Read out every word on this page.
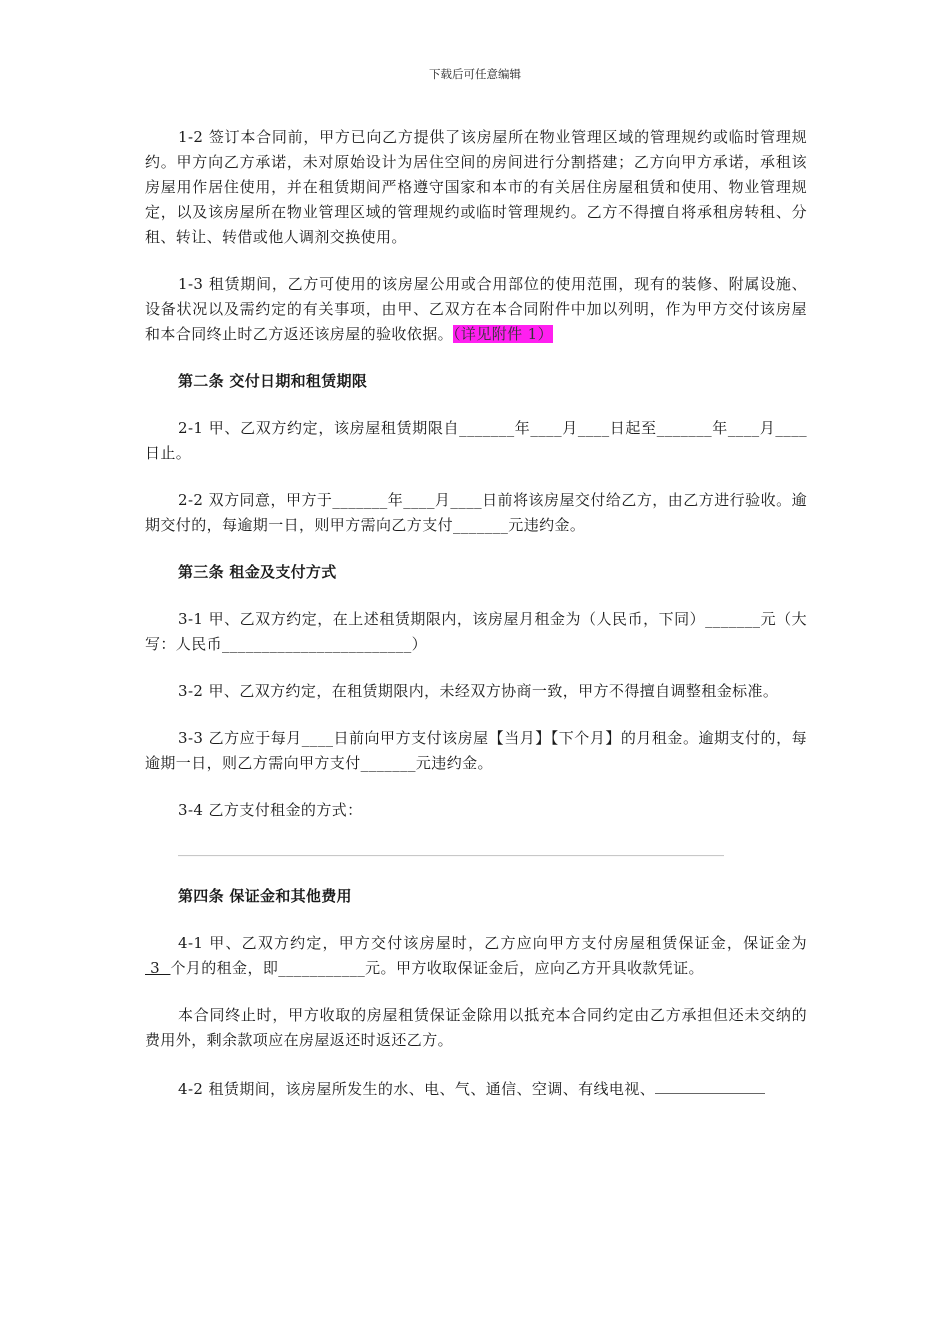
下载后可任意编辑

1-2 签订本合同前，甲方已向乙方提供了该房屋所在物业管理区域的管理规约或临时管理规约。甲方向乙方承诺，未对原始设计为居住空间的房间进行分割搭建；乙方向甲方承诺，承租该房屋用作居住使用，并在租赁期间严格遵守国家和本市的有关居住房屋租赁和使用、物业管理规定，以及该房屋所在物业管理区域的管理规约或临时管理规约。乙方不得擅自将承租房转租、分租、转让、转借或他人调剂交换使用。

1-3 租赁期间，乙方可使用的该房屋公用或合用部位的使用范围，现有的装修、附属设施、设备状况以及需约定的有关事项，由甲、乙双方在本合同附件中加以列明，作为甲方交付该房屋和本合同终止时乙方返还该房屋的验收依据。（详见附件 1）

第二条 交付日期和租赁期限

2-1 甲、乙双方约定，该房屋租赁期限自_______年____月____日起至_______年____月____日止。

2-2 双方同意，甲方于_______年____月____日前将该房屋交付给乙方，由乙方进行验收。逾期交付的，每逾期一日，则甲方需向乙方支付_______元违约金。

第三条 租金及支付方式

3-1 甲、乙双方约定，在上述租赁期限内，该房屋月租金为（人民币，下同）_______元（大写：人民币________________________）

3-2 甲、乙双方约定，在租赁期限内，未经双方协商一致，甲方不得擅自调整租金标准。

3-3 乙方应于每月____日前向甲方支付该房屋【当月】【下个月】的月租金。逾期支付的，每逾期一日，则乙方需向甲方支付_______元违约金。

3-4 乙方支付租金的方式：

____________________________________________________________________________________

第四条 保证金和其他费用

4-1 甲、乙双方约定，甲方交付该房屋时，乙方应向甲方支付房屋租赁保证金，保证金为 3  个月的租金，即___________元。甲方收取保证金后，应向乙方开具收款凭证。

本合同终止时，甲方收取的房屋租赁保证金除用以抵充本合同约定由乙方承担但还未交纳的费用外，剩余款项应在房屋返还时返还乙方。

4-2 租赁期间，该房屋所发生的水、电、气、通信、空调、有线电视、
